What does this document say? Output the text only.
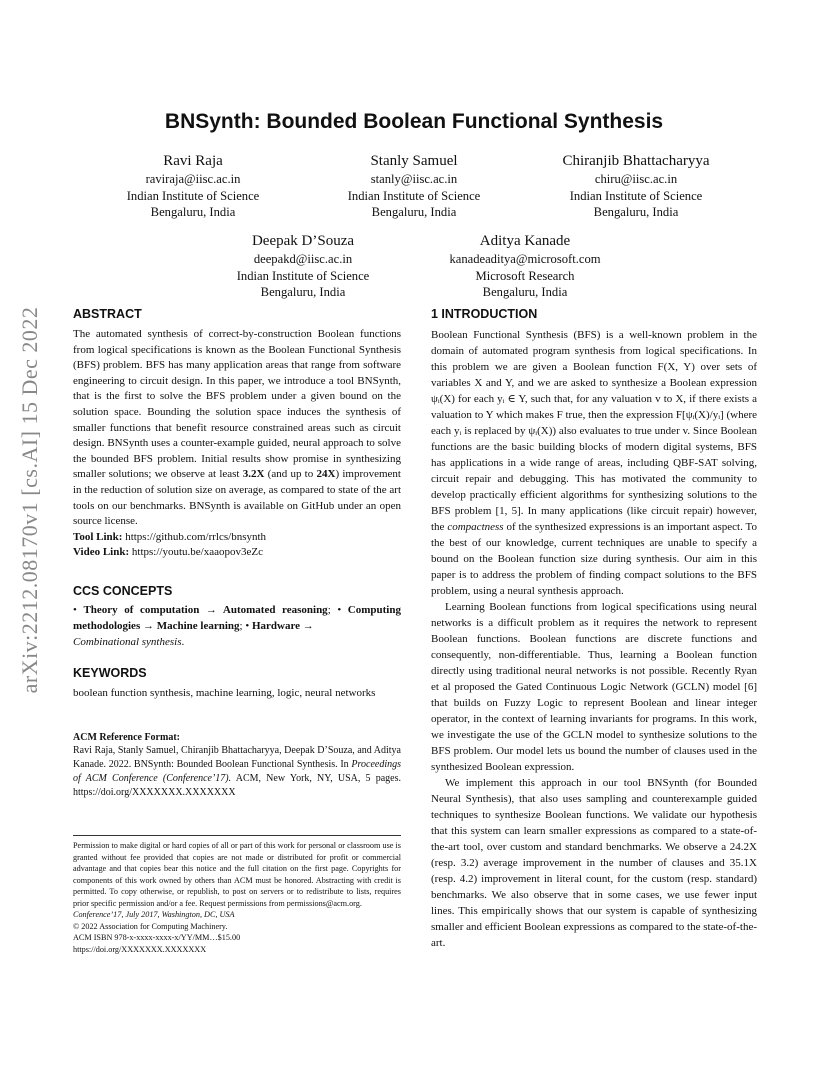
arXiv:2212.08170v1 [cs.AI] 15 Dec 2022
BNSynth: Bounded Boolean Functional Synthesis
Ravi Raja
raviraja@iisc.ac.in
Indian Institute of Science
Bengaluru, India
Stanly Samuel
stanly@iisc.ac.in
Indian Institute of Science
Bengaluru, India
Chiranjib Bhattacharyya
chiru@iisc.ac.in
Indian Institute of Science
Bengaluru, India
Deepak D’Souza
deepakd@iisc.ac.in
Indian Institute of Science
Bengaluru, India
Aditya Kanade
kanadeaditya@microsoft.com
Microsoft Research
Bengaluru, India
ABSTRACT

The automated synthesis of correct-by-construction Boolean functions from logical specifications is known as the Boolean Functional Synthesis (BFS) problem. BFS has many application areas that range from software engineering to circuit design. In this paper, we introduce a tool BNSynth, that is the first to solve the BFS problem under a given bound on the solution space. Bounding the solution space induces the synthesis of smaller functions that benefit resource constrained areas such as circuit design. BNSynth uses a counter-example guided, neural approach to solve the bounded BFS problem. Initial results show promise in synthesizing smaller solutions; we observe at least 3.2X (and up to 24X) improvement in the reduction of solution size on average, as compared to state of the art tools on our benchmarks. BNSynth is available on GitHub under an open source license.

Tool Link: https://github.com/rrlcs/bnsynth

Video Link: https://youtu.be/xaaopov3eZc

CCS CONCEPTS

• Theory of computation → Automated reasoning; • Computing methodologies → Machine learning; • Hardware →
Combinational synthesis.

KEYWORDS

boolean function synthesis, machine learning, logic, neural networks

ACM Reference Format:
Ravi Raja, Stanly Samuel, Chiranjib Bhattacharyya, Deepak D’Souza, and Aditya Kanade. 2022. BNSynth: Bounded Boolean Functional Synthesis. In Proceedings of ACM Conference (Conference’17). ACM, New York, NY, USA, 5 pages. https://doi.org/XXXXXXX.XXXXXXX

Permission to make digital or hard copies of all or part of this work for personal or classroom use is granted without fee provided that copies are not made or distributed for profit or commercial advantage and that copies bear this notice and the full citation on the first page. Copyrights for components of this work owned by others than ACM must be honored. Abstracting with credit is permitted. To copy otherwise, or republish, to post on servers or to redistribute to lists, requires prior specific permission and/or a fee. Request permissions from permissions@acm.org.

Conference’17, July 2017, Washington, DC, USA

© 2022 Association for Computing Machinery.

ACM ISBN 978-x-xxxx-xxxx-x/YY/MM…$15.00

https://doi.org/XXXXXXX.XXXXXXX

1 INTRODUCTION

Boolean Functional Synthesis (BFS) is a well-known problem in the domain of automated program synthesis from logical specifications. In this problem we are given a Boolean function F(X, Y) over sets of variables X and Y, and we are asked to synthesize a Boolean expression ψᵢ(X) for each yᵢ ∈ Y, such that, for any valuation v to X, if there exists a valuation to Y which makes F true, then the expression F[ψᵢ(X)/yᵢ] (where each yᵢ is replaced by ψᵢ(X)) also evaluates to true under v. Since Boolean functions are the basic building blocks of modern digital systems, BFS has applications in a wide range of areas, including QBF-SAT solving, circuit repair and debugging. This has motivated the community to develop practically efficient algorithms for synthesizing solutions to the BFS problem [1, 5]. In many applications (like circuit repair) however, the compactness of the synthesized expressions is an important aspect. To the best of our knowledge, current techniques are unable to specify a bound on the Boolean function size during synthesis. Our aim in this paper is to address the problem of finding compact solutions to the BFS problem, using a neural synthesis approach.

Learning Boolean functions from logical specifications using neural networks is a difficult problem as it requires the network to represent Boolean functions. Boolean functions are discrete functions and consequently, non-differentiable. Thus, learning a Boolean function directly using traditional neural networks is not possible. Recently Ryan et al proposed the Gated Continuous Logic Network (GCLN) model [6] that builds on Fuzzy Logic to represent Boolean and linear integer operator, in the context of learning invariants for programs. In this work, we investigate the use of the GCLN model to synthesize solutions to the BFS problem. Our model lets us bound the number of clauses used in the synthesized Boolean expression.

We implement this approach in our tool BNSynth (for Bounded Neural Synthesis), that also uses sampling and counterexample guided techniques to synthesize Boolean functions. We validate our hypothesis that this system can learn smaller expressions as compared to a state-of-the-art tool, over custom and standard benchmarks. We observe a 24.2X (resp. 3.2) average improvement in the number of clauses and 35.1X (resp. 4.2) improvement in literal count, for the custom (resp. standard) benchmarks. We also observe that in some cases, we use fewer input lines. This empirically shows that our system is capable of synthesizing smaller and efficient Boolean expressions as compared to the state-of-the-art.
